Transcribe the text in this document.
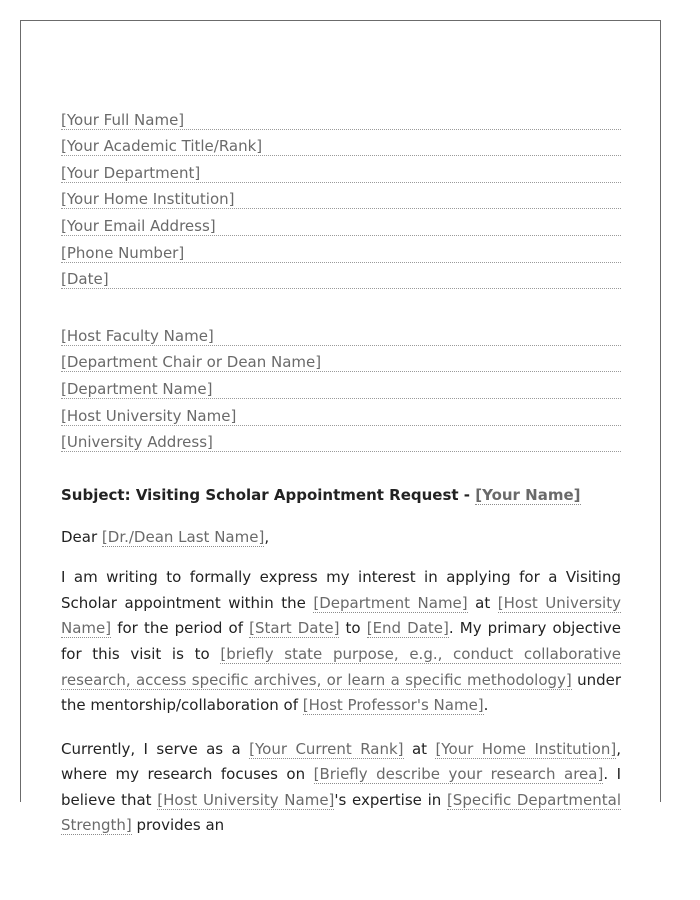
[Your Full Name]
[Your Academic Title/Rank]
[Your Department]
[Your Home Institution]
[Your Email Address]
[Phone Number]
[Date]
[Host Faculty Name]
[Department Chair or Dean Name]
[Department Name]
[Host University Name]
[University Address]
Subject: Visiting Scholar Appointment Request - [Your Name]
Dear [Dr./Dean Last Name],
I am writing to formally express my interest in applying for a Visiting Scholar appointment within the [Department Name] at [Host University Name] for the period of [Start Date] to [End Date]. My primary objective for this visit is to [briefly state purpose, e.g., conduct collaborative research, access specific archives, or learn a specific methodology] under the mentorship/collaboration of [Host Professor's Name].
Currently, I serve as a [Your Current Rank] at [Your Home Institution], where my research focuses on [Briefly describe your research area]. I believe that [Host University Name]'s expertise in [Specific Departmental Strength] provides an
